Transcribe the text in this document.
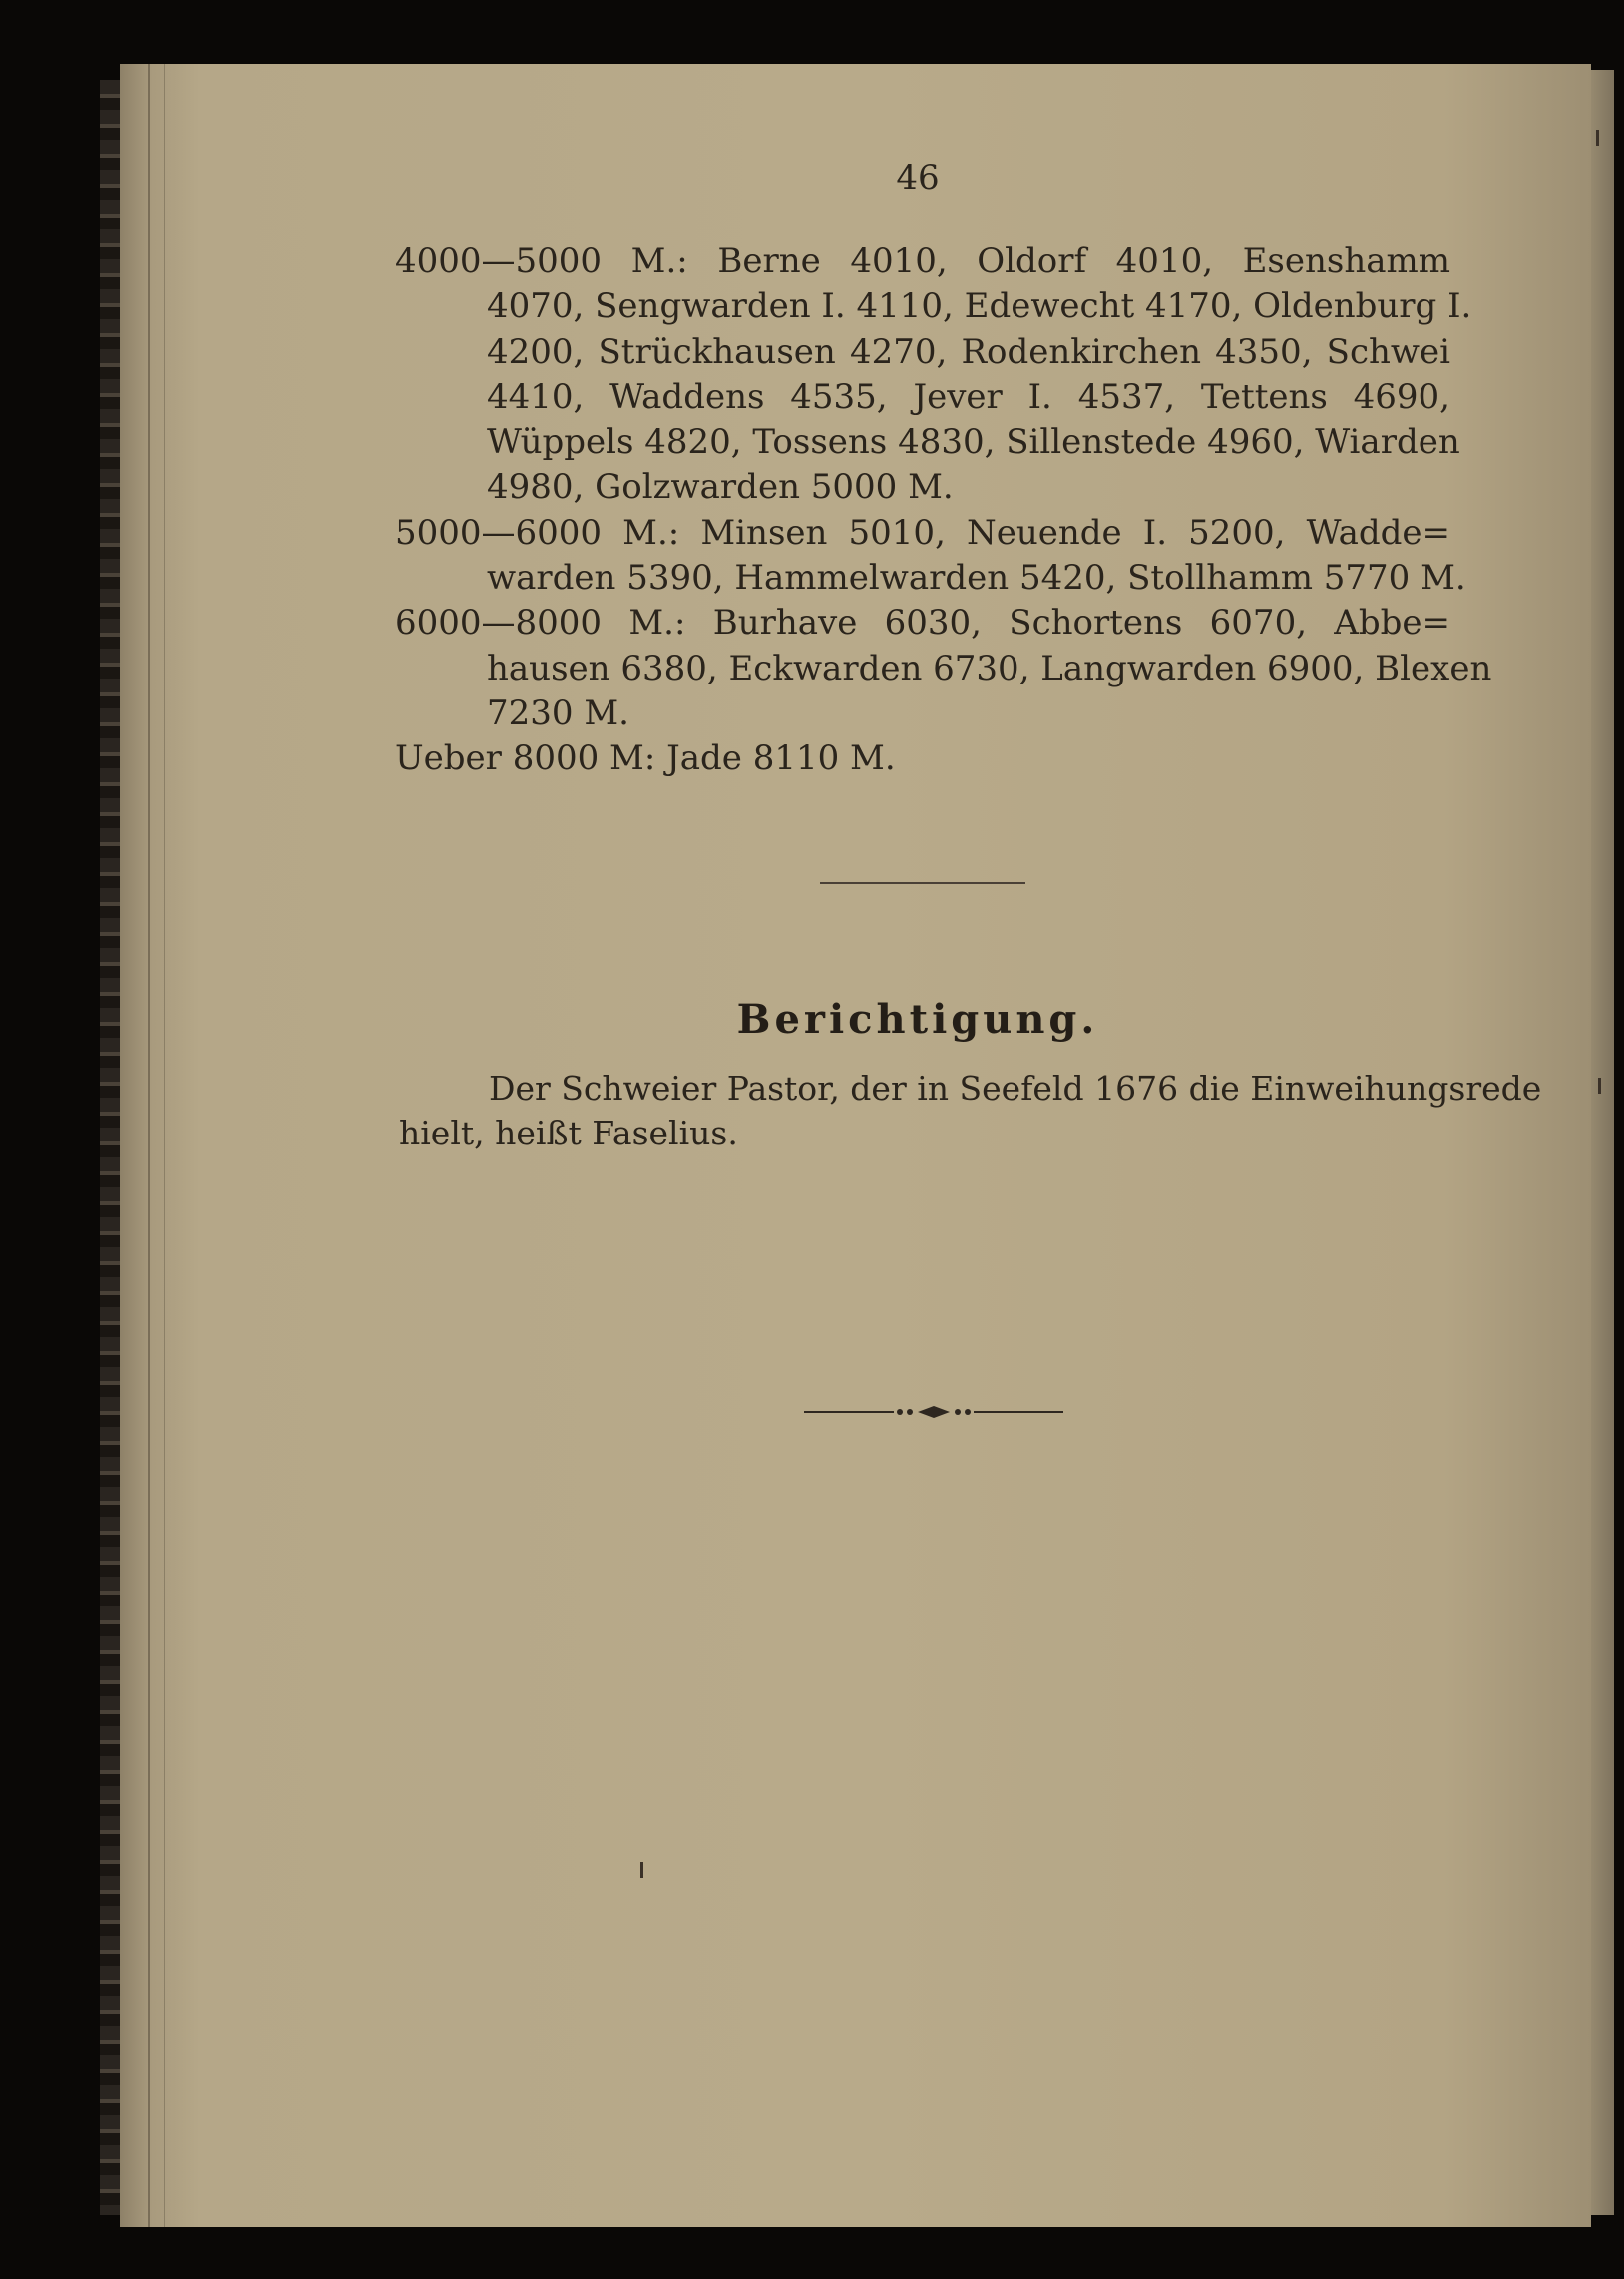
46
4000—5000 M.: Berne 4010, Oldorf 4010, Esenshamm
4070, Sengwarden I. 4110, Edewecht 4170, Oldenburg I.
4200, Strückhausen 4270, Rodenkirchen 4350, Schwei
4410, Waddens 4535, Jever I. 4537, Tettens 4690,
Wüppels 4820, Tossens 4830, Sillenstede 4960, Wiarden
4980, Golzwarden 5000 M.
5000—6000 M.: Minsen 5010, Neuende I. 5200, Wadde=
warden 5390, Hammelwarden 5420, Stollhamm 5770 M.
6000—8000 M.: Burhave 6030, Schortens 6070, Abbe=
hausen 6380, Eckwarden 6730, Langwarden 6900, Blexen
7230 M.
Ueber 8000 M: Jade 8110 M.
Berichtigung.
Der Schweier Pastor, der in Seefeld 1676 die Einweihungsrede
hielt, heißt Faselius.
